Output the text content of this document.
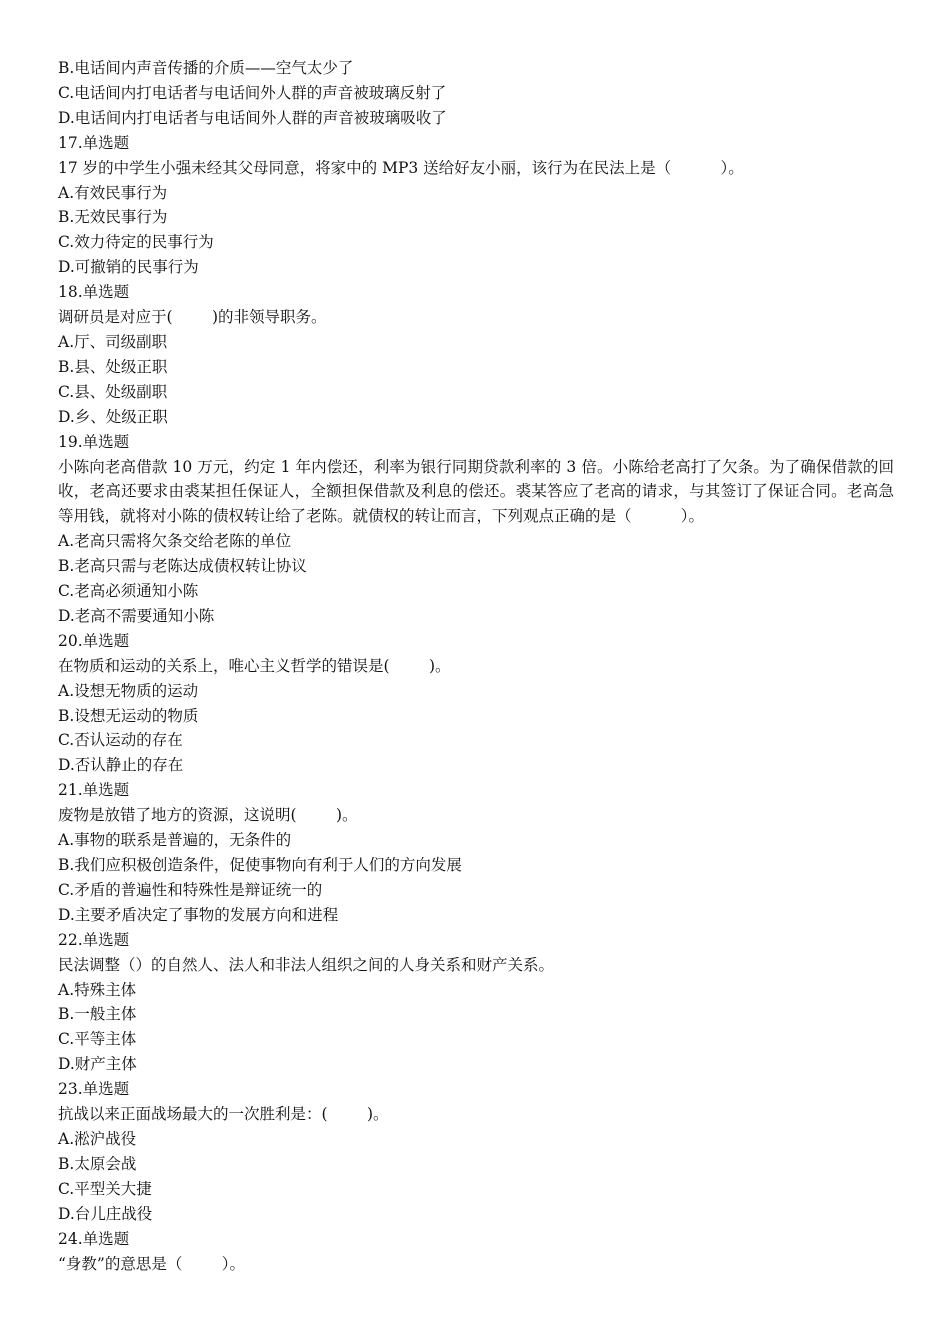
B.电话间内声音传播的介质——空气太少了
C.电话间内打电话者与电话间外人群的声音被玻璃反射了
D.电话间内打电话者与电话间外人群的声音被玻璃吸收了
17.单选题
17 岁的中学生小强未经其父母同意，将家中的 MP3 送给好友小丽，该行为在民法上是（          ）。
A.有效民事行为
B.无效民事行为
C.效力待定的民事行为
D.可撤销的民事行为
18.单选题
调研员是对应于(        )的非领导职务。
A.厅、司级副职
B.县、处级正职
C.县、处级副职
D.乡、处级正职
19.单选题
小陈向老高借款 10 万元，约定 1 年内偿还，利率为银行同期贷款利率的 3 倍。小陈给老高打了欠条。为了确保借款的回收，老高还要求由裘某担任保证人，全额担保借款及利息的偿还。裘某答应了老高的请求，与其签订了保证合同。老高急等用钱，就将对小陈的债权转让给了老陈。就债权的转让而言，下列观点正确的是（          ）。
A.老高只需将欠条交给老陈的单位
B.老高只需与老陈达成债权转让协议
C.老高必须通知小陈
D.老高不需要通知小陈
20.单选题
在物质和运动的关系上，唯心主义哲学的错误是(        )。
A.设想无物质的运动
B.设想无运动的物质
C.否认运动的存在
D.否认静止的存在
21.单选题
废物是放错了地方的资源，这说明(        )。
A.事物的联系是普遍的，无条件的
B.我们应积极创造条件，促使事物向有利于人们的方向发展
C.矛盾的普遍性和特殊性是辩证统一的
D.主要矛盾决定了事物的发展方向和进程
22.单选题
民法调整（）的自然人、法人和非法人组织之间的人身关系和财产关系。
A.特殊主体
B.一般主体
C.平等主体
D.财产主体
23.单选题
抗战以来正面战场最大的一次胜利是：(        )。
A.淞沪战役
B.太原会战
C.平型关大捷
D.台儿庄战役
24.单选题
“身教”的意思是（        ）。
